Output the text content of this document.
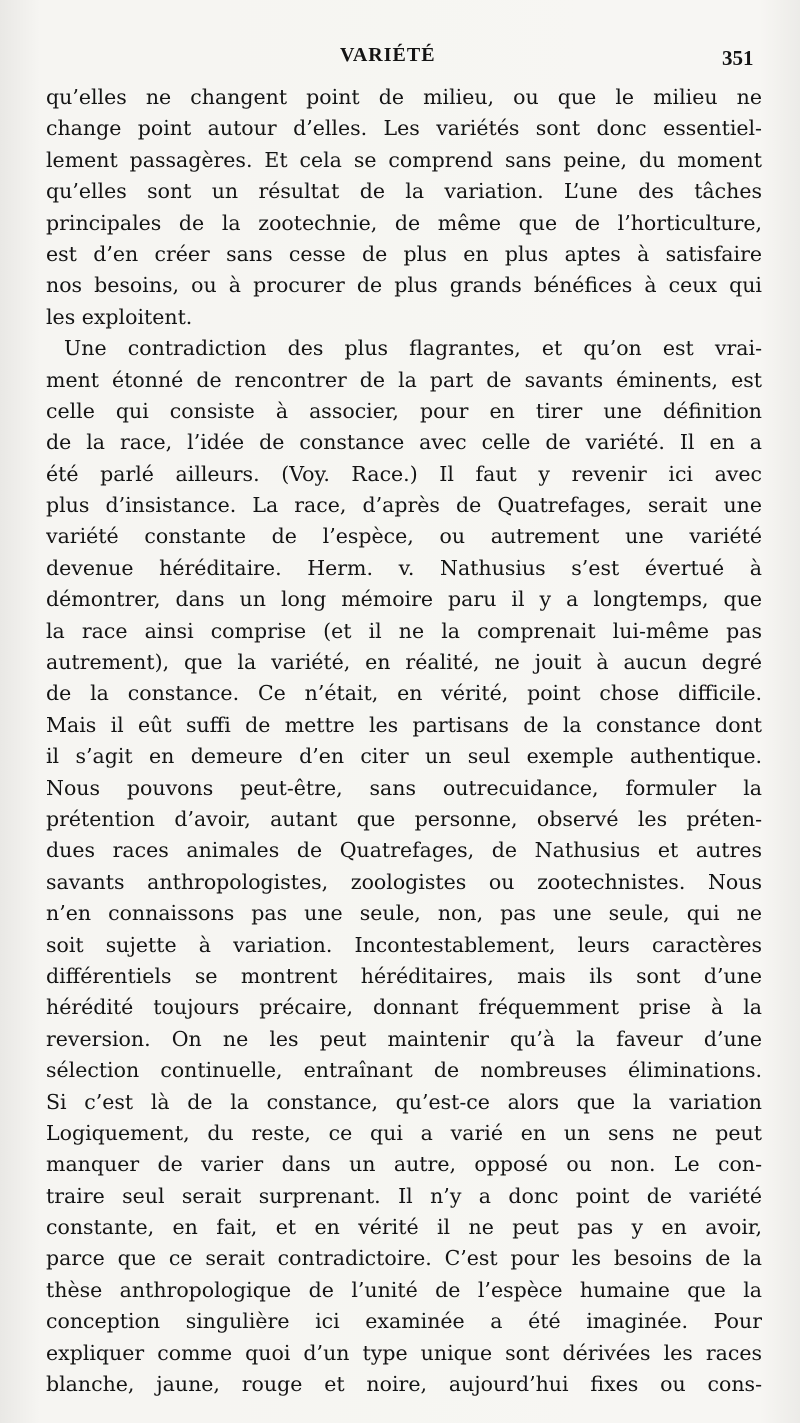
VARIÉTÉ	351
qu’elles ne changent point de milieu, ou que le milieu ne
change point autour d’elles. Les variétés sont donc essentiel-
lement passagères. Et cela se comprend sans peine, du moment
qu’elles sont un résultat de la variation. L’une des tâches
principales de la zootechnie, de même que de l’horticulture,
est d’en créer sans cesse de plus en plus aptes à satisfaire
nos besoins, ou à procurer de plus grands bénéfices à ceux qui
les exploitent.
Une contradiction des plus flagrantes, et qu’on est vrai-
ment étonné de rencontrer de la part de savants éminents, est
celle qui consiste à associer, pour en tirer une définition
de la race, l’idée de constance avec celle de variété. Il en a
été parlé ailleurs. (Voy. Race.) Il faut y revenir ici avec
plus d’insistance. La race, d’après de Quatrefages, serait une
variété constante de l’espèce, ou autrement une variété
devenue héréditaire. Herm. v. Nathusius s’est évertué à
démontrer, dans un long mémoire paru il y a longtemps, que
la race ainsi comprise (et il ne la comprenait lui-même pas
autrement), que la variété, en réalité, ne jouit à aucun degré
de la constance. Ce n’était, en vérité, point chose difficile.
Mais il eût suffi de mettre les partisans de la constance dont
il s’agit en demeure d’en citer un seul exemple authentique.
Nous pouvons peut-être, sans outrecuidance, formuler la
prétention d’avoir, autant que personne, observé les préten-
dues races animales de Quatrefages, de Nathusius et autres
savants anthropologistes, zoologistes ou zootechnistes. Nous
n’en connaissons pas une seule, non, pas une seule, qui ne
soit sujette à variation. Incontestablement, leurs caractères
différentiels se montrent héréditaires, mais ils sont d’une
hérédité toujours précaire, donnant fréquemment prise à la
reversion. On ne les peut maintenir qu’à la faveur d’une
sélection continuelle, entraînant de nombreuses éliminations.
Si c’est là de la constance, qu’est-ce alors que la variation
Logiquement, du reste, ce qui a varié en un sens ne peut
manquer de varier dans un autre, opposé ou non. Le con-
traire seul serait surprenant. Il n’y a donc point de variété
constante, en fait, et en vérité il ne peut pas y en avoir,
parce que ce serait contradictoire. C’est pour les besoins de la
thèse anthropologique de l’unité de l’espèce humaine que la
conception singulière ici examinée a été imaginée. Pour
expliquer comme quoi d’un type unique sont dérivées les races
blanche, jaune, rouge et noire, aujourd’hui fixes ou cons-
